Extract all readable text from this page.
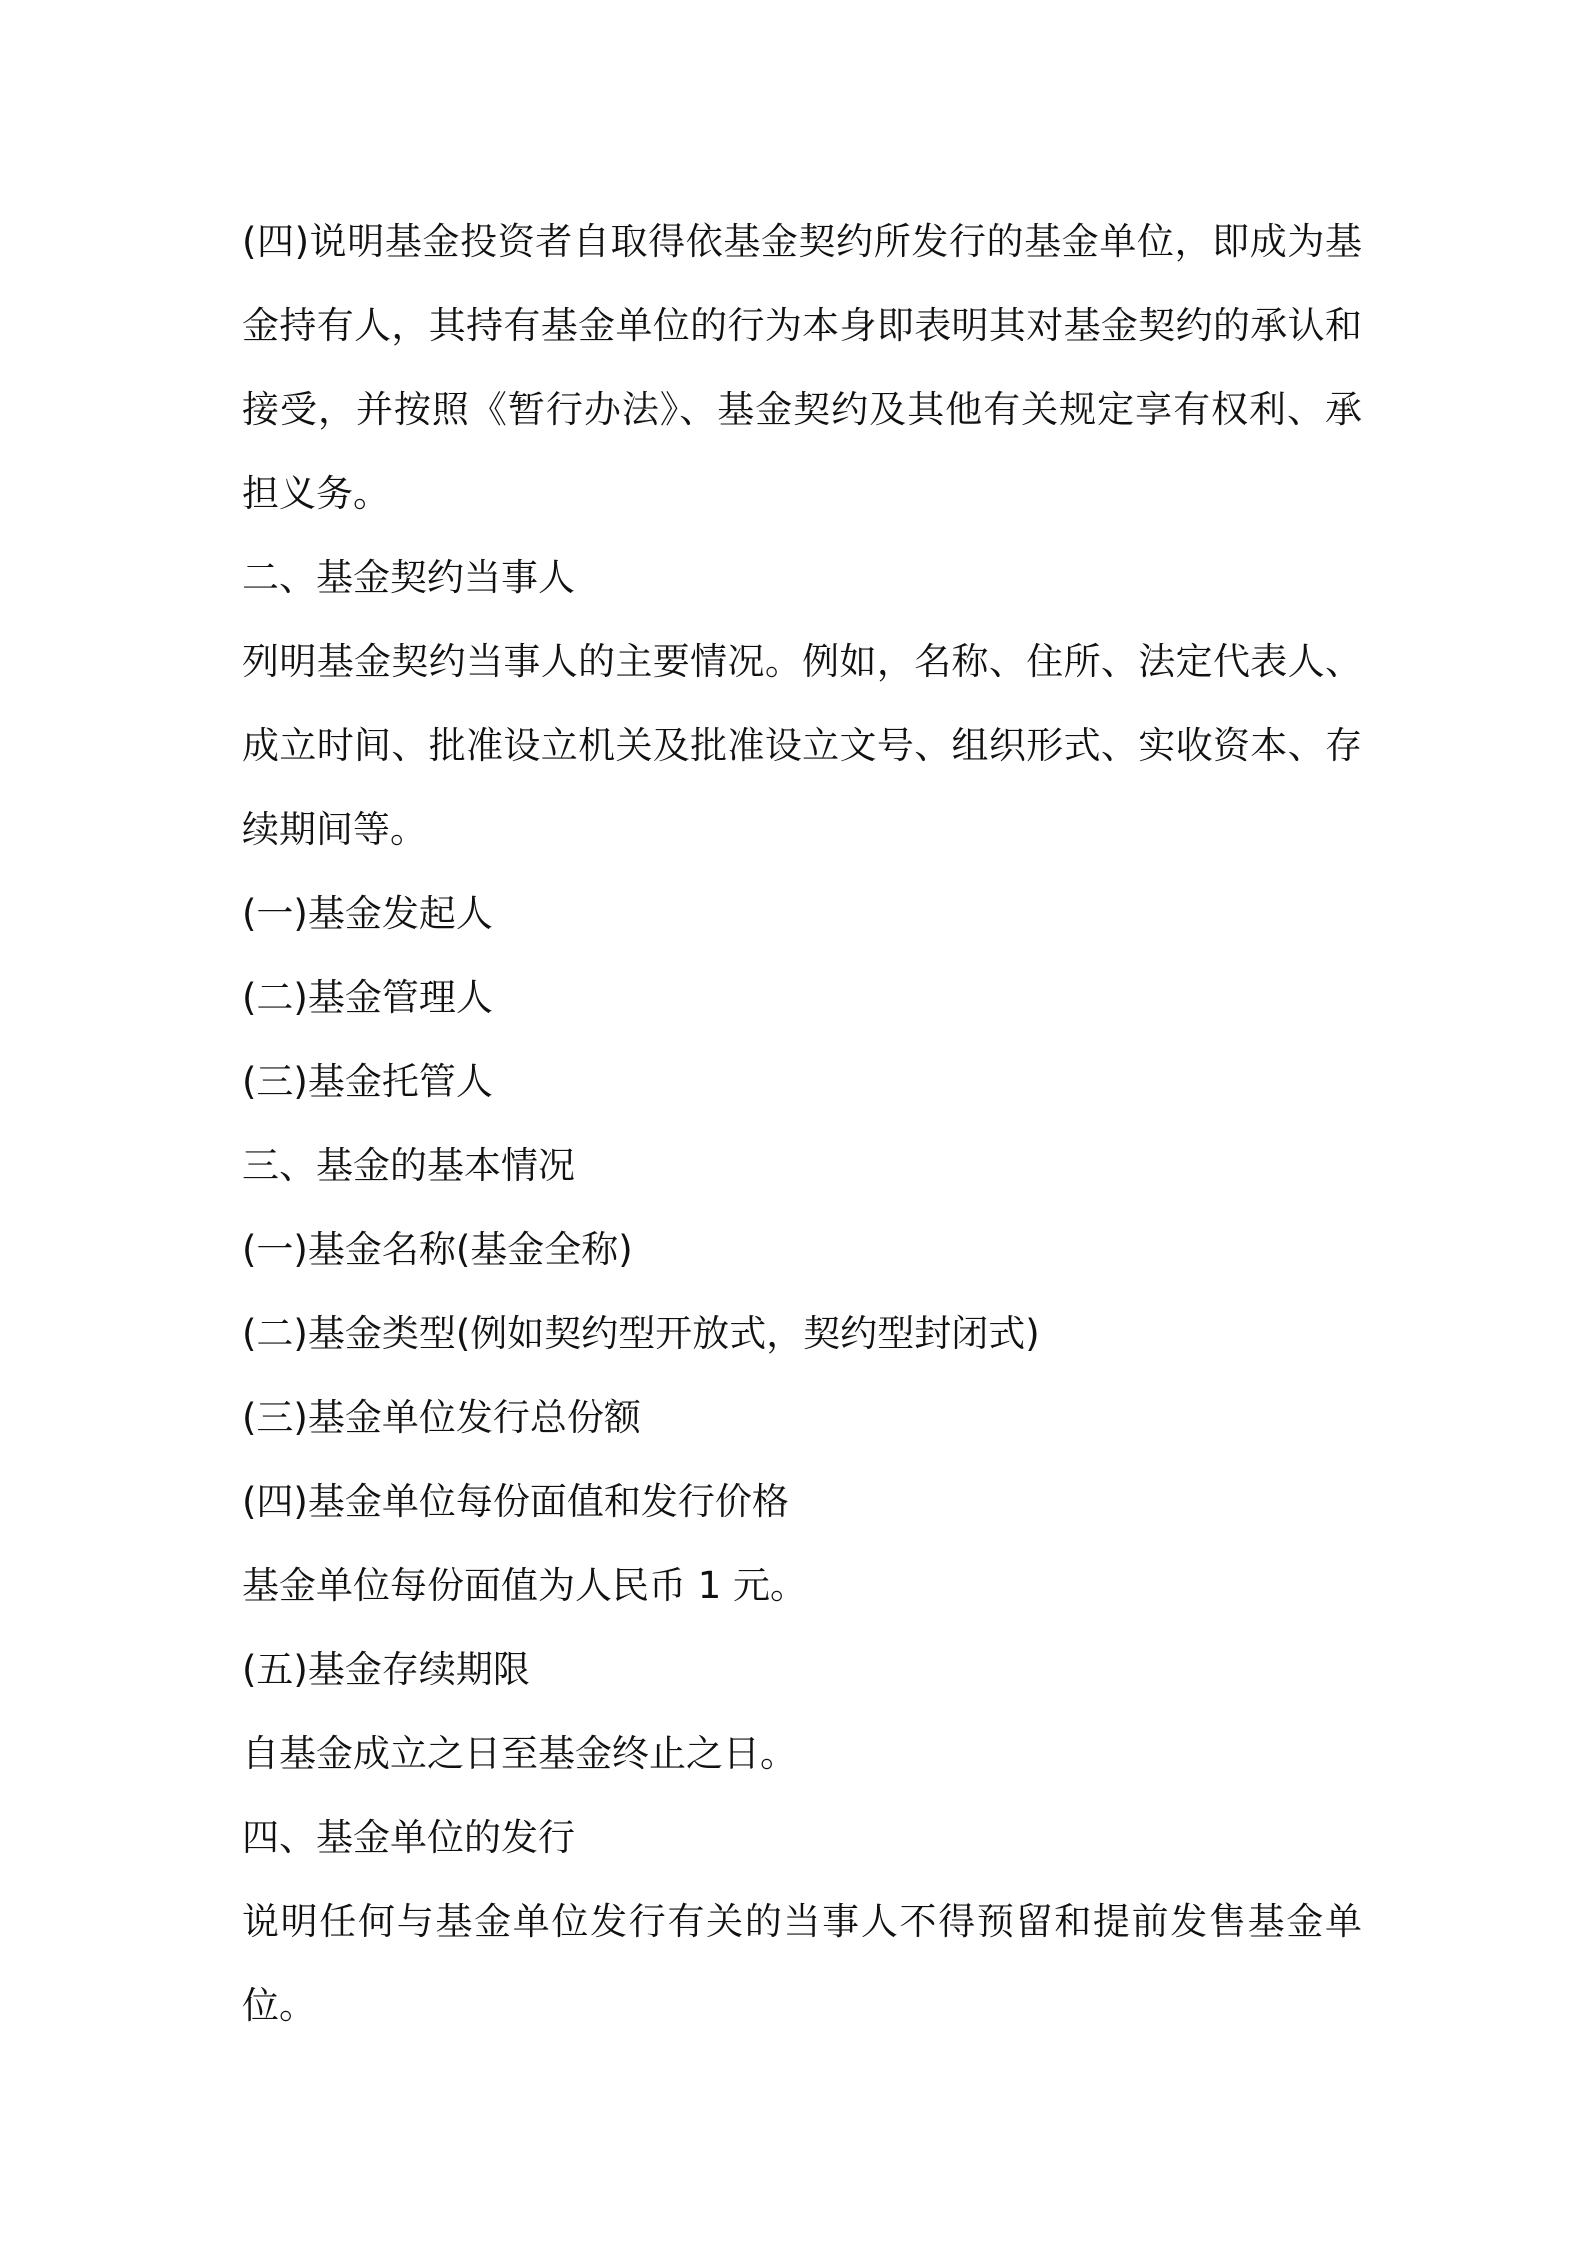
(四)说明基金投资者自取得依基金契约所发行的基金单位，即成为基
金持有人，其持有基金单位的行为本身即表明其对基金契约的承认和
接受，并按照《暂行办法》、基金契约及其他有关规定享有权利、承
担义务。
二、基金契约当事人
列明基金契约当事人的主要情况。例如，名称、住所、法定代表人、
成立时间、批准设立机关及批准设立文号、组织形式、实收资本、存
续期间等。
(一)基金发起人
(二)基金管理人
(三)基金托管人
三、基金的基本情况
(一)基金名称(基金全称)
(二)基金类型(例如契约型开放式，契约型封闭式)
(三)基金单位发行总份额
(四)基金单位每份面值和发行价格
基金单位每份面值为人民币 1 元。
(五)基金存续期限
自基金成立之日至基金终止之日。
四、基金单位的发行
说明任何与基金单位发行有关的当事人不得预留和提前发售基金单
位。
